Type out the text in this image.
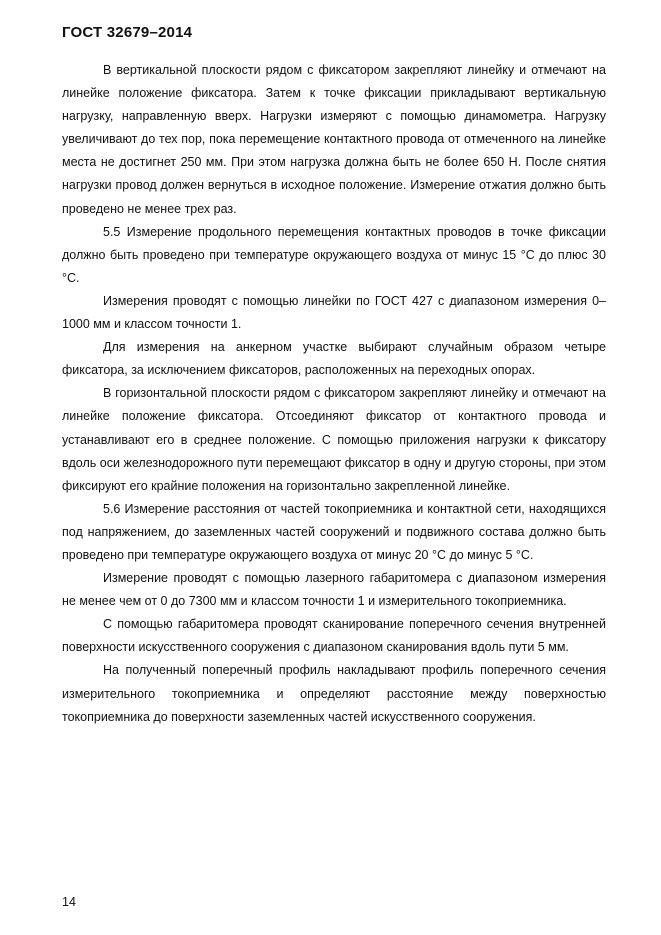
ГОСТ 32679–2014

В вертикальной плоскости рядом с фиксатором закрепляют линейку и отмечают на линейке положение фиксатора. Затем к точке фиксации прикладывают вертикальную нагрузку, направленную вверх. Нагрузки измеряют с помощью динамометра. Нагрузку увеличивают до тех пор, пока перемещение контактного провода от отмеченного на линейке места не достигнет 250 мм. При этом нагрузка должна быть не более 650 Н. После снятия нагрузки провод должен вернуться в исходное положение. Измерение отжатия должно быть проведено не менее трех раз.

5.5 Измерение продольного перемещения контактных проводов в точке фиксации должно быть проведено при температуре окружающего воздуха от минус 15 °С до плюс 30 °С.

Измерения проводят с помощью линейки по ГОСТ 427 с диапазоном измерения 0–1000 мм и классом точности 1.

Для измерения на анкерном участке выбирают случайным образом четыре фиксатора, за исключением фиксаторов, расположенных на переходных опорах.

В горизонтальной плоскости рядом с фиксатором закрепляют линейку и отмечают на линейке положение фиксатора. Отсоединяют фиксатор от контактного провода и устанавливают его в среднее положение. С помощью приложения нагрузки к фиксатору вдоль оси железнодорожного пути перемещают фиксатор в одну и другую стороны, при этом фиксируют его крайние положения на горизонтально закрепленной линейке.

5.6 Измерение расстояния от частей токоприемника и контактной сети, находящихся под напряжением, до заземленных частей сооружений и подвижного состава должно быть проведено при температуре окружающего воздуха от минус 20 °С до минус 5 °С.

Измерение проводят с помощью лазерного габаритомера с диапазоном измерения не менее чем от 0 до 7300 мм и классом точности 1 и измерительного токоприемника.

С помощью габаритомера проводят сканирование поперечного сечения внутренней поверхности искусственного сооружения с диапазоном сканирования вдоль пути 5 мм.

На полученный поперечный профиль накладывают профиль поперечного сечения измерительного токоприемника и определяют расстояние между поверхностью токоприемника до поверхности заземленных частей искусственного сооружения.

14
